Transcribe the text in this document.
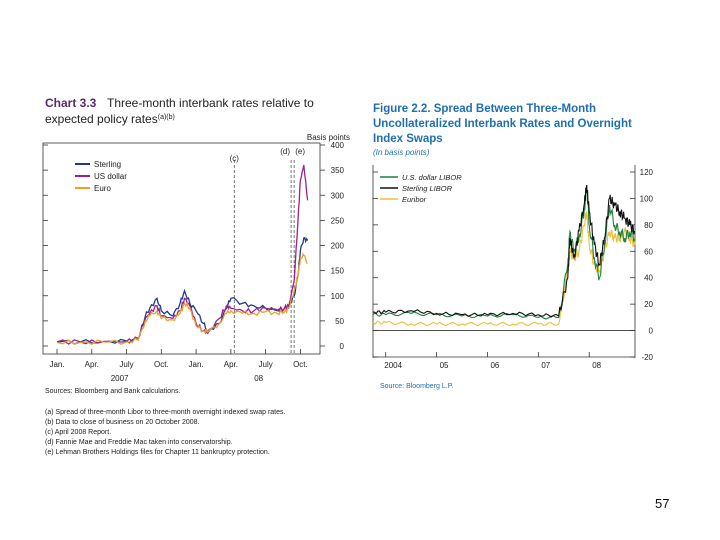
Chart 3.3 Three-month interbank rates relative to
expected policy rates$^{(a)(b)}$
Basis points
0
50
100
150
200
250
300
350
400
Jan.	Apr.	July	Oct. Jan.	Apr.	July	Oct.
2007	08
(c)
(d) (e)
Sterling
US dollar
Euro
Sources: Bloomberg and Bank calculations.
(a) Spread of three-month Libor to three-month overnight indexed swap rates.
(b) Data to close of business on 20 October 2008.
(c) April 2008 Report.
(d) Fannie Mae and Freddie Mac taken into conservatorship.
(e) Lehman Brothers Holdings files for Chapter 11 bankruptcy protection.
Figure 2.2. Spread Between Three-Month
Uncollateralized Interbank Rates and Overnight
Index Swaps
(In basis points)
-20
0
20
40
60
80
100
120
2004	05	06	07	08
U.S. dollar LIBOR
Sterling LIBOR
Euribor
Source: Bloomberg L.P.
57
